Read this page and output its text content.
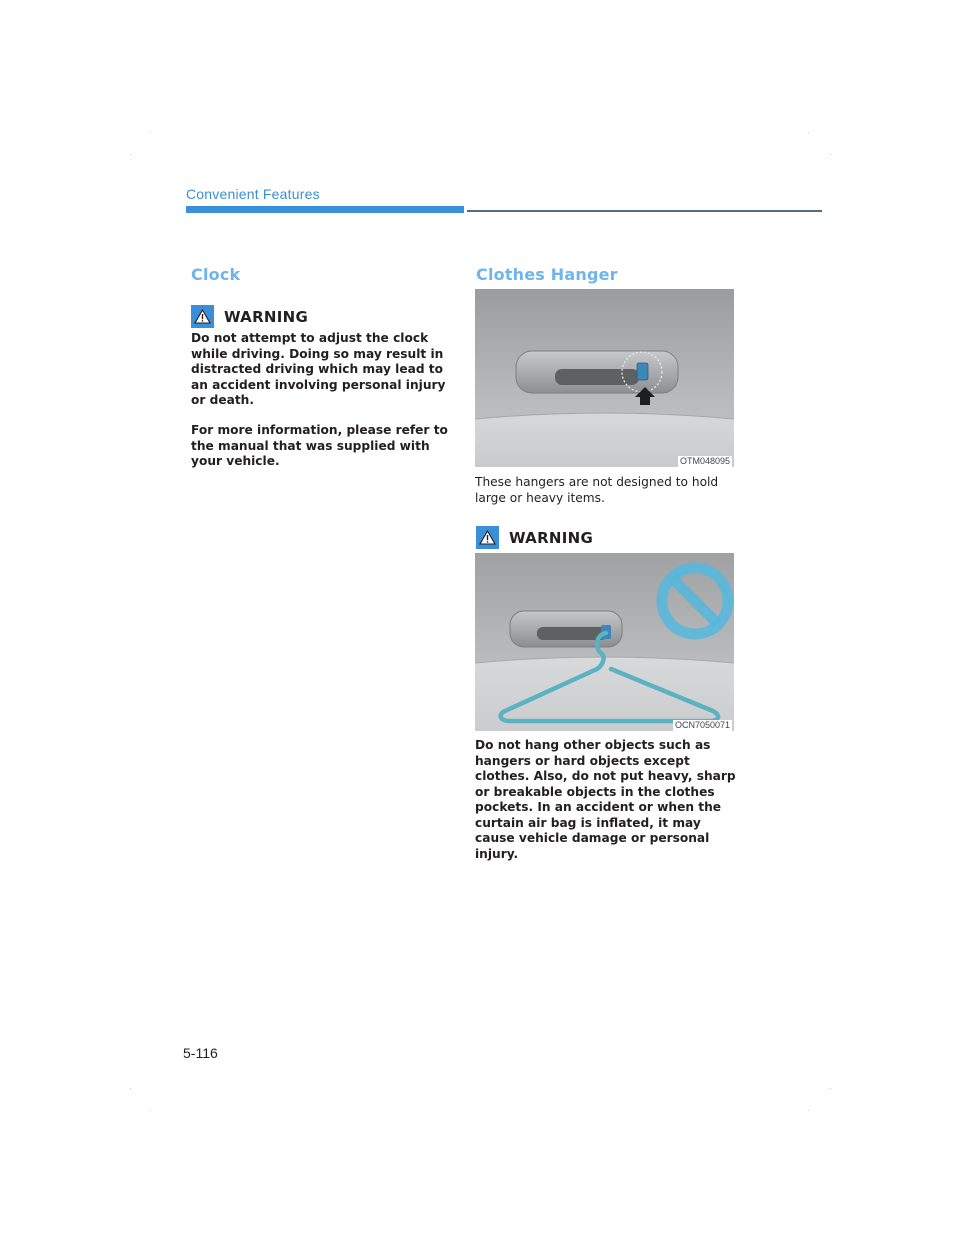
Convenient Features
Clock
WARNING

Do not attempt to adjust the clock while driving. Doing so may result in distracted driving which may lead to an accident involving personal injury or death.

For more information, please refer to the manual that was supplied with your vehicle.

Clothes Hanger
OTM048095

These hangers are not designed to hold large or heavy items.

WARNING
OCN7050071

Do not hang other objects such as hangers or hard objects except clothes. Also, do not put heavy, sharp or breakable objects in the clothes pockets. In an accident or when the curtain air bag is inflated, it may cause vehicle damage or personal injury.

5-116
